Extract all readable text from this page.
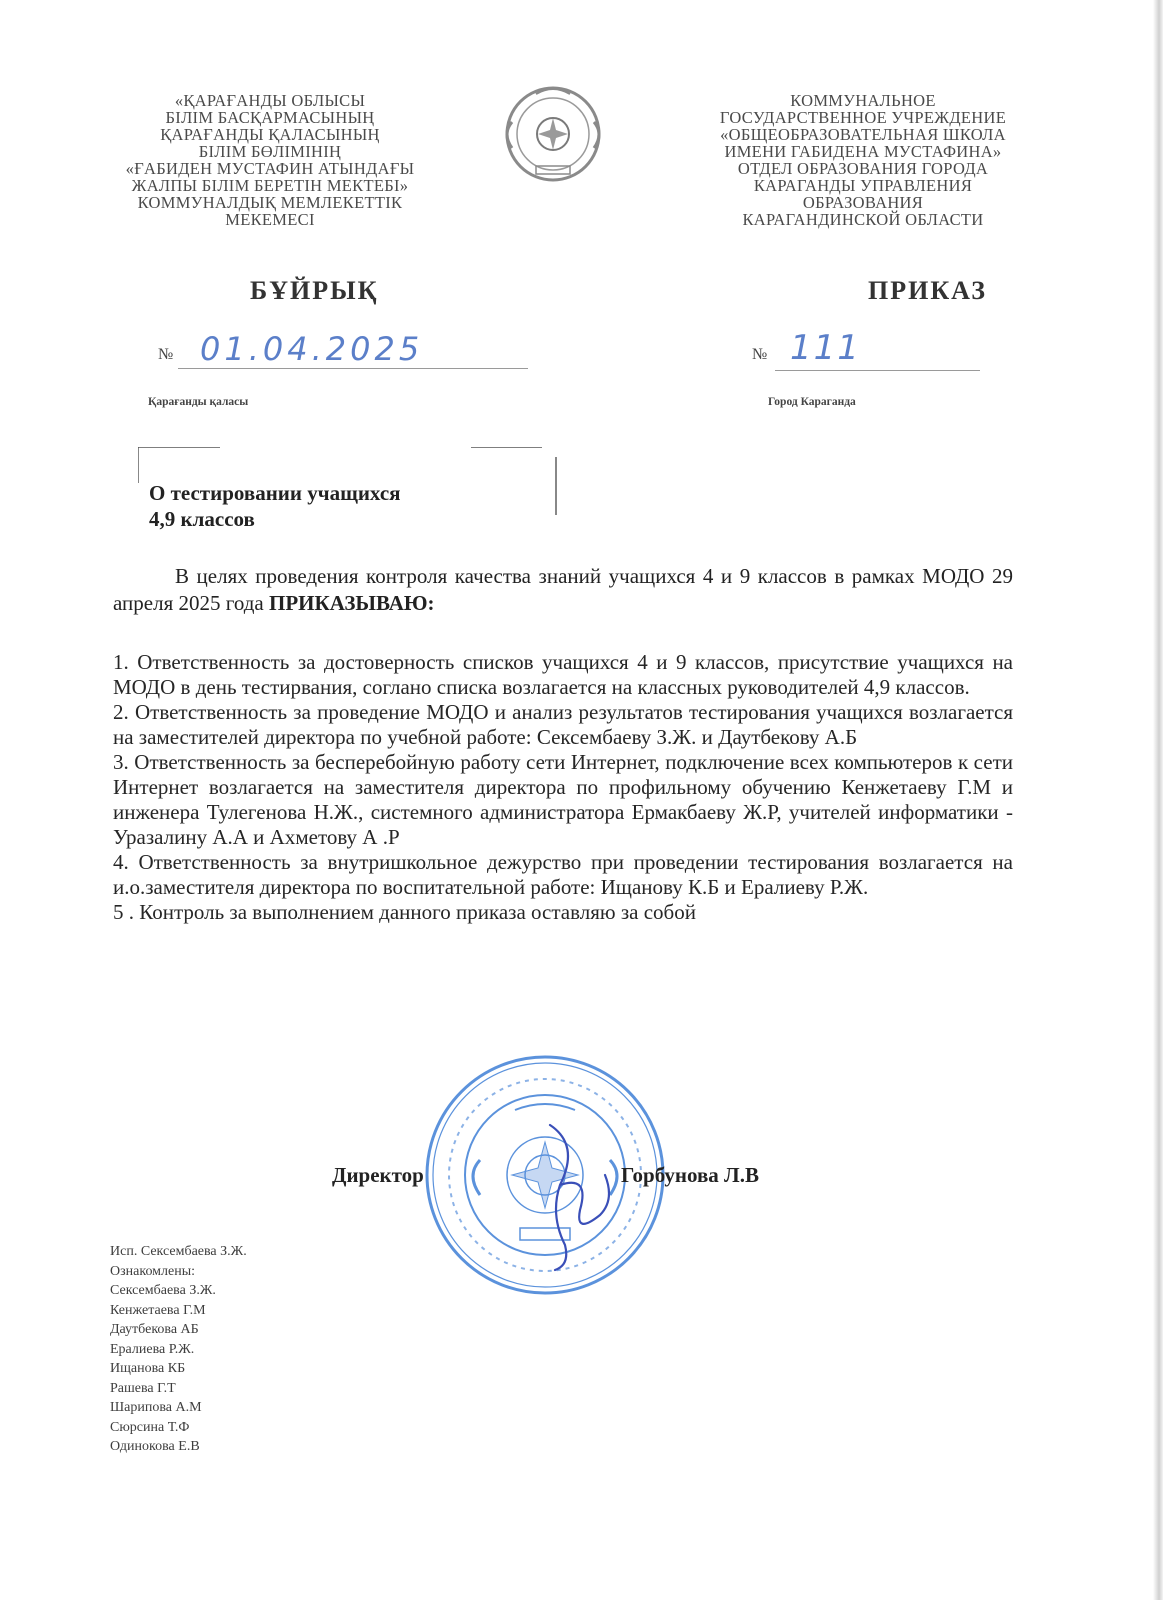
«ҚАРАҒАНДЫ ОБЛЫСЫ
БІЛІМ БАСҚАРМАСЫНЫҢ
ҚАРАҒАНДЫ ҚАЛАСЫНЫҢ
БІЛІМ БӨЛІМІНІҢ
«ҒАБИДЕН МУСТАФИН АТЫНДАҒЫ
ЖАЛПЫ БІЛІМ БЕРЕТІН МЕКТЕБІ»
КОММУНАЛДЫҚ МЕМЛЕКЕТТІК
МЕКЕМЕСІ
КОММУНАЛЬНОЕ
ГОСУДАРСТВЕННОЕ УЧРЕЖДЕНИЕ
«ОБЩЕОБРАЗОВАТЕЛЬНАЯ ШКОЛА
ИМЕНИ ГАБИДЕНА МУСТАФИНА»
ОТДЕЛ ОБРАЗОВАНИЯ ГОРОДА
КАРАГАНДЫ УПРАВЛЕНИЯ
ОБРАЗОВАНИЯ
КАРАГАНДИНСКОЙ ОБЛАСТИ
БҰЙРЫҚ	ПРИКАЗ
№ 01.04.2025	№ 111
Қарағанды қаласы	Город Караганда
О тестировании учащихся
4,9 классов
В целях проведения контроля качества знаний учащихся 4 и 9 классов в рамках МОДО 29 апреля 2025 года ПРИКАЗЫВАЮ:

1. Ответственность за достоверность списков учащихся 4 и 9 классов, присутствие учащихся на МОДО в день тестирвания, соглано списка возлагается на классных руководителей 4,9 классов.

2. Ответственность за проведение МОДО и анализ результатов тестирования учащихся возлагается на заместителей директора по учебной работе: Сексембаеву З.Ж. и Даутбекову А.Б

3. Ответственность за бесперебойную работу сети Интернет, подключение всех компьютеров к сети Интернет возлагается на заместителя директора по профильному обучению Кенжетаеву Г.М и инженера Тулегенова Н.Ж., системного администратора Ермакбаеву Ж.Р, учителей информатики - Уразалину А.А и Ахметову А .Р

4. Ответственность за внутришкольное дежурство при проведении тестирования возлагается на и.о.заместителя директора по воспитательной работе: Ищанову К.Б и Ералиеву Р.Ж.

5 . Контроль за выполнением данного приказа оставляю за собой

Директор	Горбунова Л.В
Исп. Сексембаева З.Ж.
Ознакомлены:
Сексембаева З.Ж.
Кенжетаева Г.М
Даутбекова АБ
Ералиева Р.Ж.
Ищанова КБ
Рашева Г.Т
Шарипова А.М
Сюрсина Т.Ф
Одинокова Е.В
